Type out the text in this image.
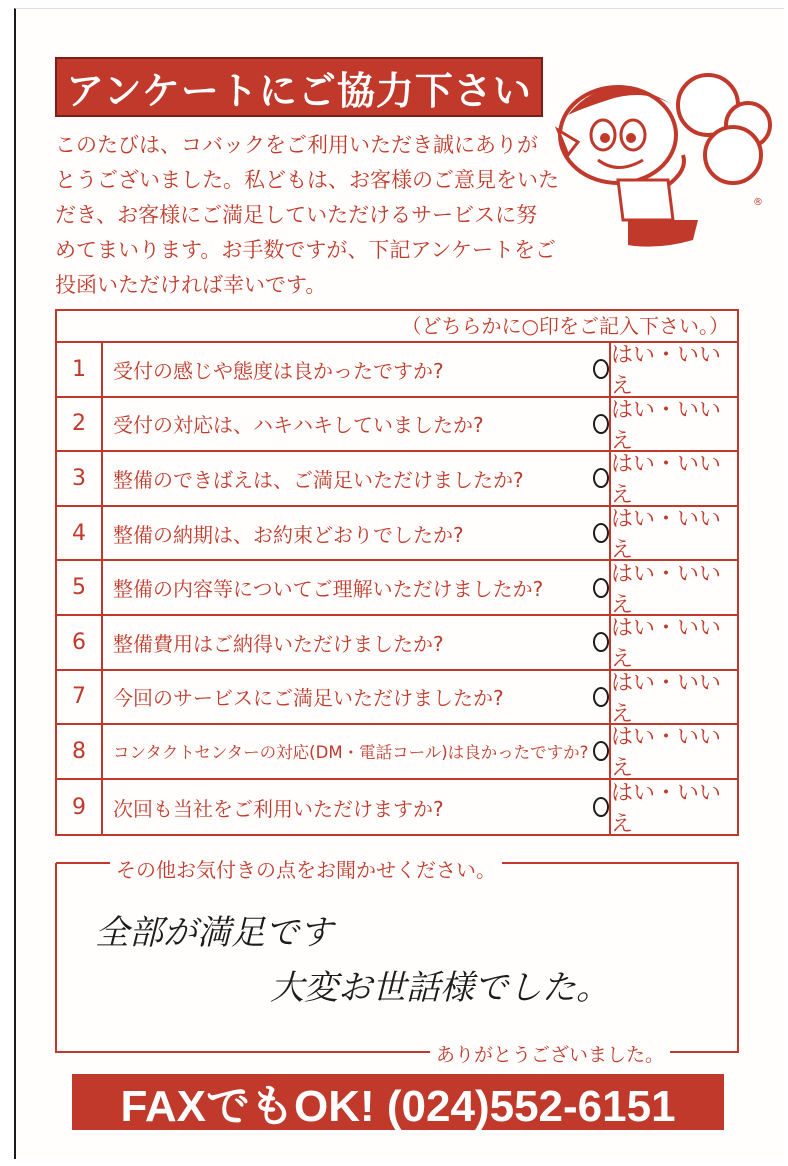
アンケートにご協力下さい

このたびは、コバックをご利用いただき誠にありが

とうございました。私どもは、お客様のご意見をいた

だき、お客様にご満足していただけるサービスに努

めてまいります。お手数ですが、下記アンケートをご

投函いただければ幸いです。

®
（どちらかに○印をご記入下さい。）
1	受付の感じや態度は良かったですか?
はい・いいえ
2	受付の対応は、ハキハキしていましたか?
はい・いいえ
3	整備のできばえは、ご満足いただけましたか?
はい・いいえ
4	整備の納期は、お約束どおりでしたか?
はい・いいえ
5	整備の内容等についてご理解いただけましたか?
はい・いいえ
6	整備費用はご納得いただけましたか?
はい・いいえ
7	今回のサービスにご満足いただけましたか?
はい・いいえ
8	コンタクトセンターの対応(DM・電話コール)は良かったですか?
はい・いいえ
9	次回も当社をご利用いただけますか?
はい・いいえ
その他お気付きの点をお聞かせください。
全部が満足です
大変お世話様でした。
ありがとうございました。
FAXでもOK! (024)552-6151
